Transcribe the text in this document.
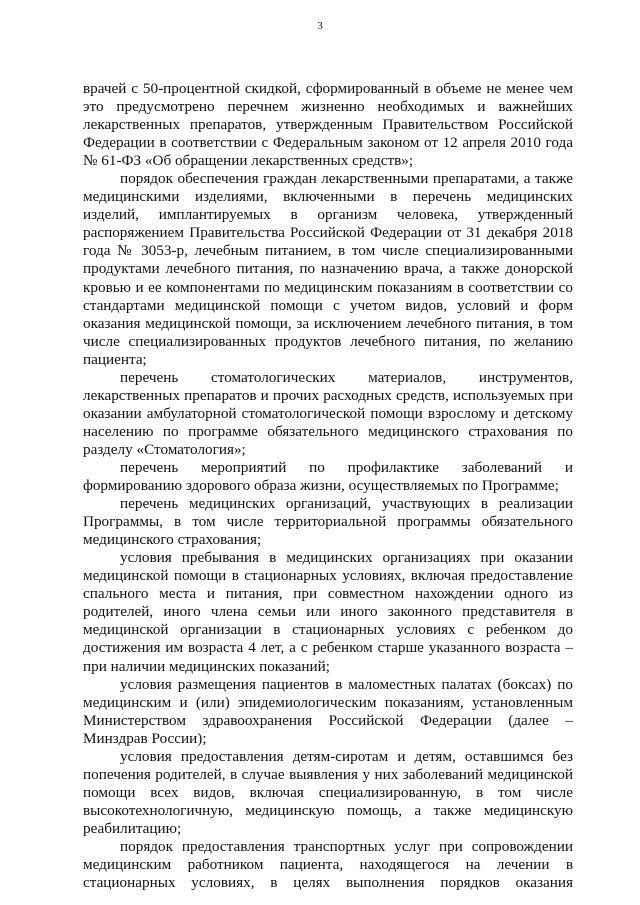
3

врачей с 50-процентной скидкой, сформированный в объеме не менее чем это предусмотрено перечнем жизненно необходимых и важнейших лекарственных препаратов, утвержденным Правительством Российской Федерации в соответствии с Федеральным законом от 12 апреля 2010 года № 61-ФЗ «Об обращении лекарственных средств»;

порядок обеспечения граждан лекарственными препаратами, а также медицинскими изделиями, включенными в перечень медицинских изделий, имплантируемых в организм человека, утвержденный распоряжением Правительства Российской Федерации от 31 декабря 2018 года № 3053-р, лечебным питанием, в том числе специализированными продуктами лечебного питания, по назначению врача, а также донорской кровью и ее компонентами по медицинским показаниям в соответствии со стандартами медицинской помощи с учетом видов, условий и форм оказания медицинской помощи, за исключением лечебного питания, в том числе специализированных продуктов лечебного питания, по желанию пациента;

перечень стоматологических материалов, инструментов, лекарственных препаратов и прочих расходных средств, используемых при оказании амбулаторной стоматологической помощи взрослому и детскому населению по программе обязательного медицинского страхования по разделу «Стоматология»;

перечень мероприятий по профилактике заболеваний и формированию здорового образа жизни, осуществляемых по Программе;

перечень медицинских организаций, участвующих в реализации Программы, в том числе территориальной программы обязательного медицинского страхования;

условия пребывания в медицинских организациях при оказании медицинской помощи в стационарных условиях, включая предоставление спального места и питания, при совместном нахождении одного из родителей, иного члена семьи или иного законного представителя в медицинской организации в стационарных условиях с ребенком до достижения им возраста 4 лет, а с ребенком старше указанного возраста – при наличии медицинских показаний;

условия размещения пациентов в маломестных палатах (боксах) по медицинским и (или) эпидемиологическим показаниям, установленным Министерством здравоохранения Российской Федерации (далее – Минздрав России);

условия предоставления детям-сиротам и детям, оставшимся без попечения родителей, в случае выявления у них заболеваний медицинской помощи всех видов, включая специализированную, в том числе высокотехнологичную, медицинскую помощь, а также медицинскую реабилитацию;

порядок предоставления транспортных услуг при сопровождении медицинским работником пациента, находящегося на лечении в стационарных условиях, в целях выполнения порядков оказания
